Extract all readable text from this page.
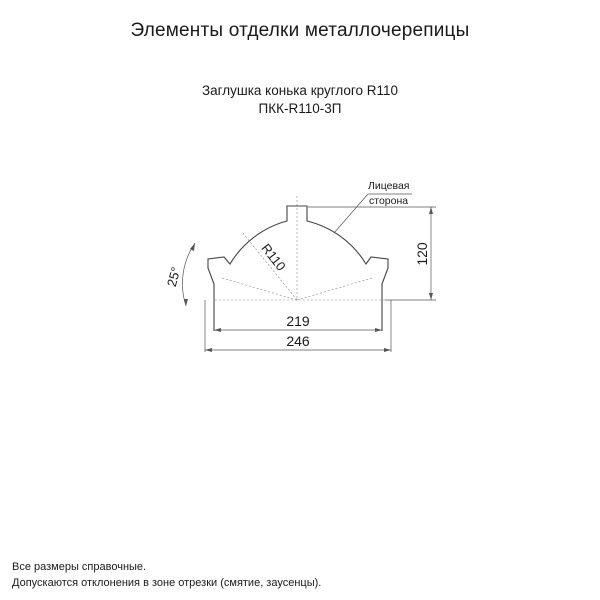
Элементы отделки металлочерепицы
Заглушка конька круглого R110
ПКК-R110-3П
219
246
120
R110
25°
Лицевая
сторона
Все размеры справочные.
Допускаются отклонения в зоне отрезки (смятие, заусенцы).
